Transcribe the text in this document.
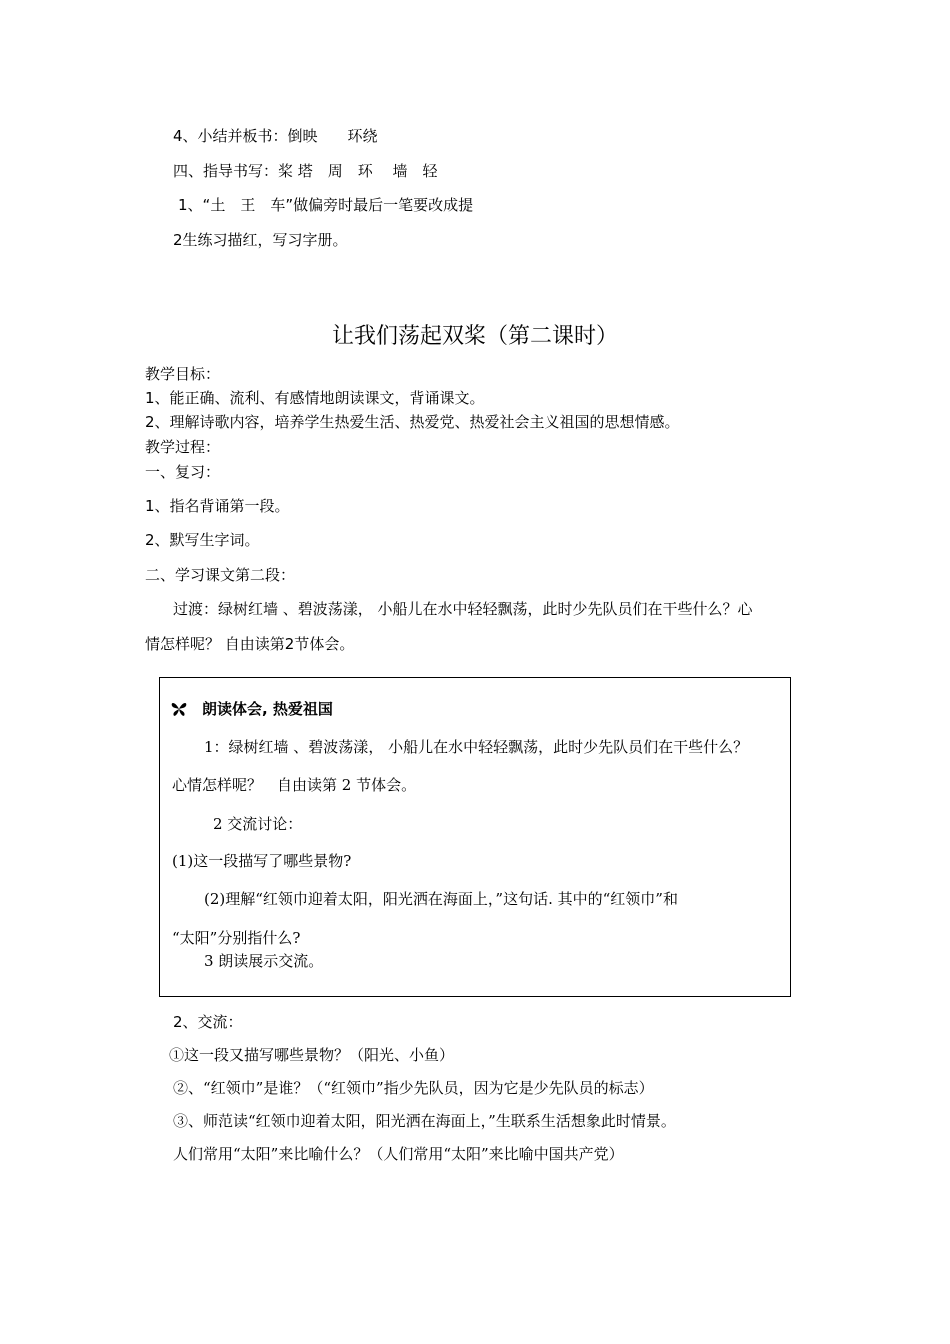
4、小结并板书：倒映　　环绕
四、指导书写：桨 塔　周　环　 墙　轻
1、“土　王　车”做偏旁时最后一笔要改成提
2生练习描红，写习字册。
让我们荡起双桨（第二课时）
教学目标：
1、能正确、流利、有感情地朗读课文，背诵课文。
2、理解诗歌内容，培养学生热爱生活、热爱党、热爱社会主义祖国的思想情感。
教学过程：
一、复习：
1、指名背诵第一段。
2、默写生字词。
二、学习课文第二段：
过渡：绿树红墙 、碧波荡漾， 小船儿在水中轻轻飘荡，此时少先队员们在干些什么？心
情怎样呢？ 自由读第2节体会。
朗读体会, 热爱祖国
1：绿树红墙 、碧波荡漾， 小船儿在水中轻轻飘荡，此时少先队员们在干些什么？
心情怎样呢？　自由读第 2 节体会。
2 交流讨论：
(1)这一段描写了哪些景物?
(2)理解“红领巾迎着太阳，阳光洒在海面上，”这句话. 其中的“红领巾”和
“太阳”分别指什么?
3 朗读展示交流。
2、交流：
①这一段又描写哪些景物？（阳光、小鱼）
②、“红领巾”是谁？（“红领巾”指少先队员，因为它是少先队员的标志）
③、师范读“红领巾迎着太阳，阳光洒在海面上，”生联系生活想象此时情景。
人们常用“太阳”来比喻什么？（人们常用“太阳”来比喻中国共产党）
